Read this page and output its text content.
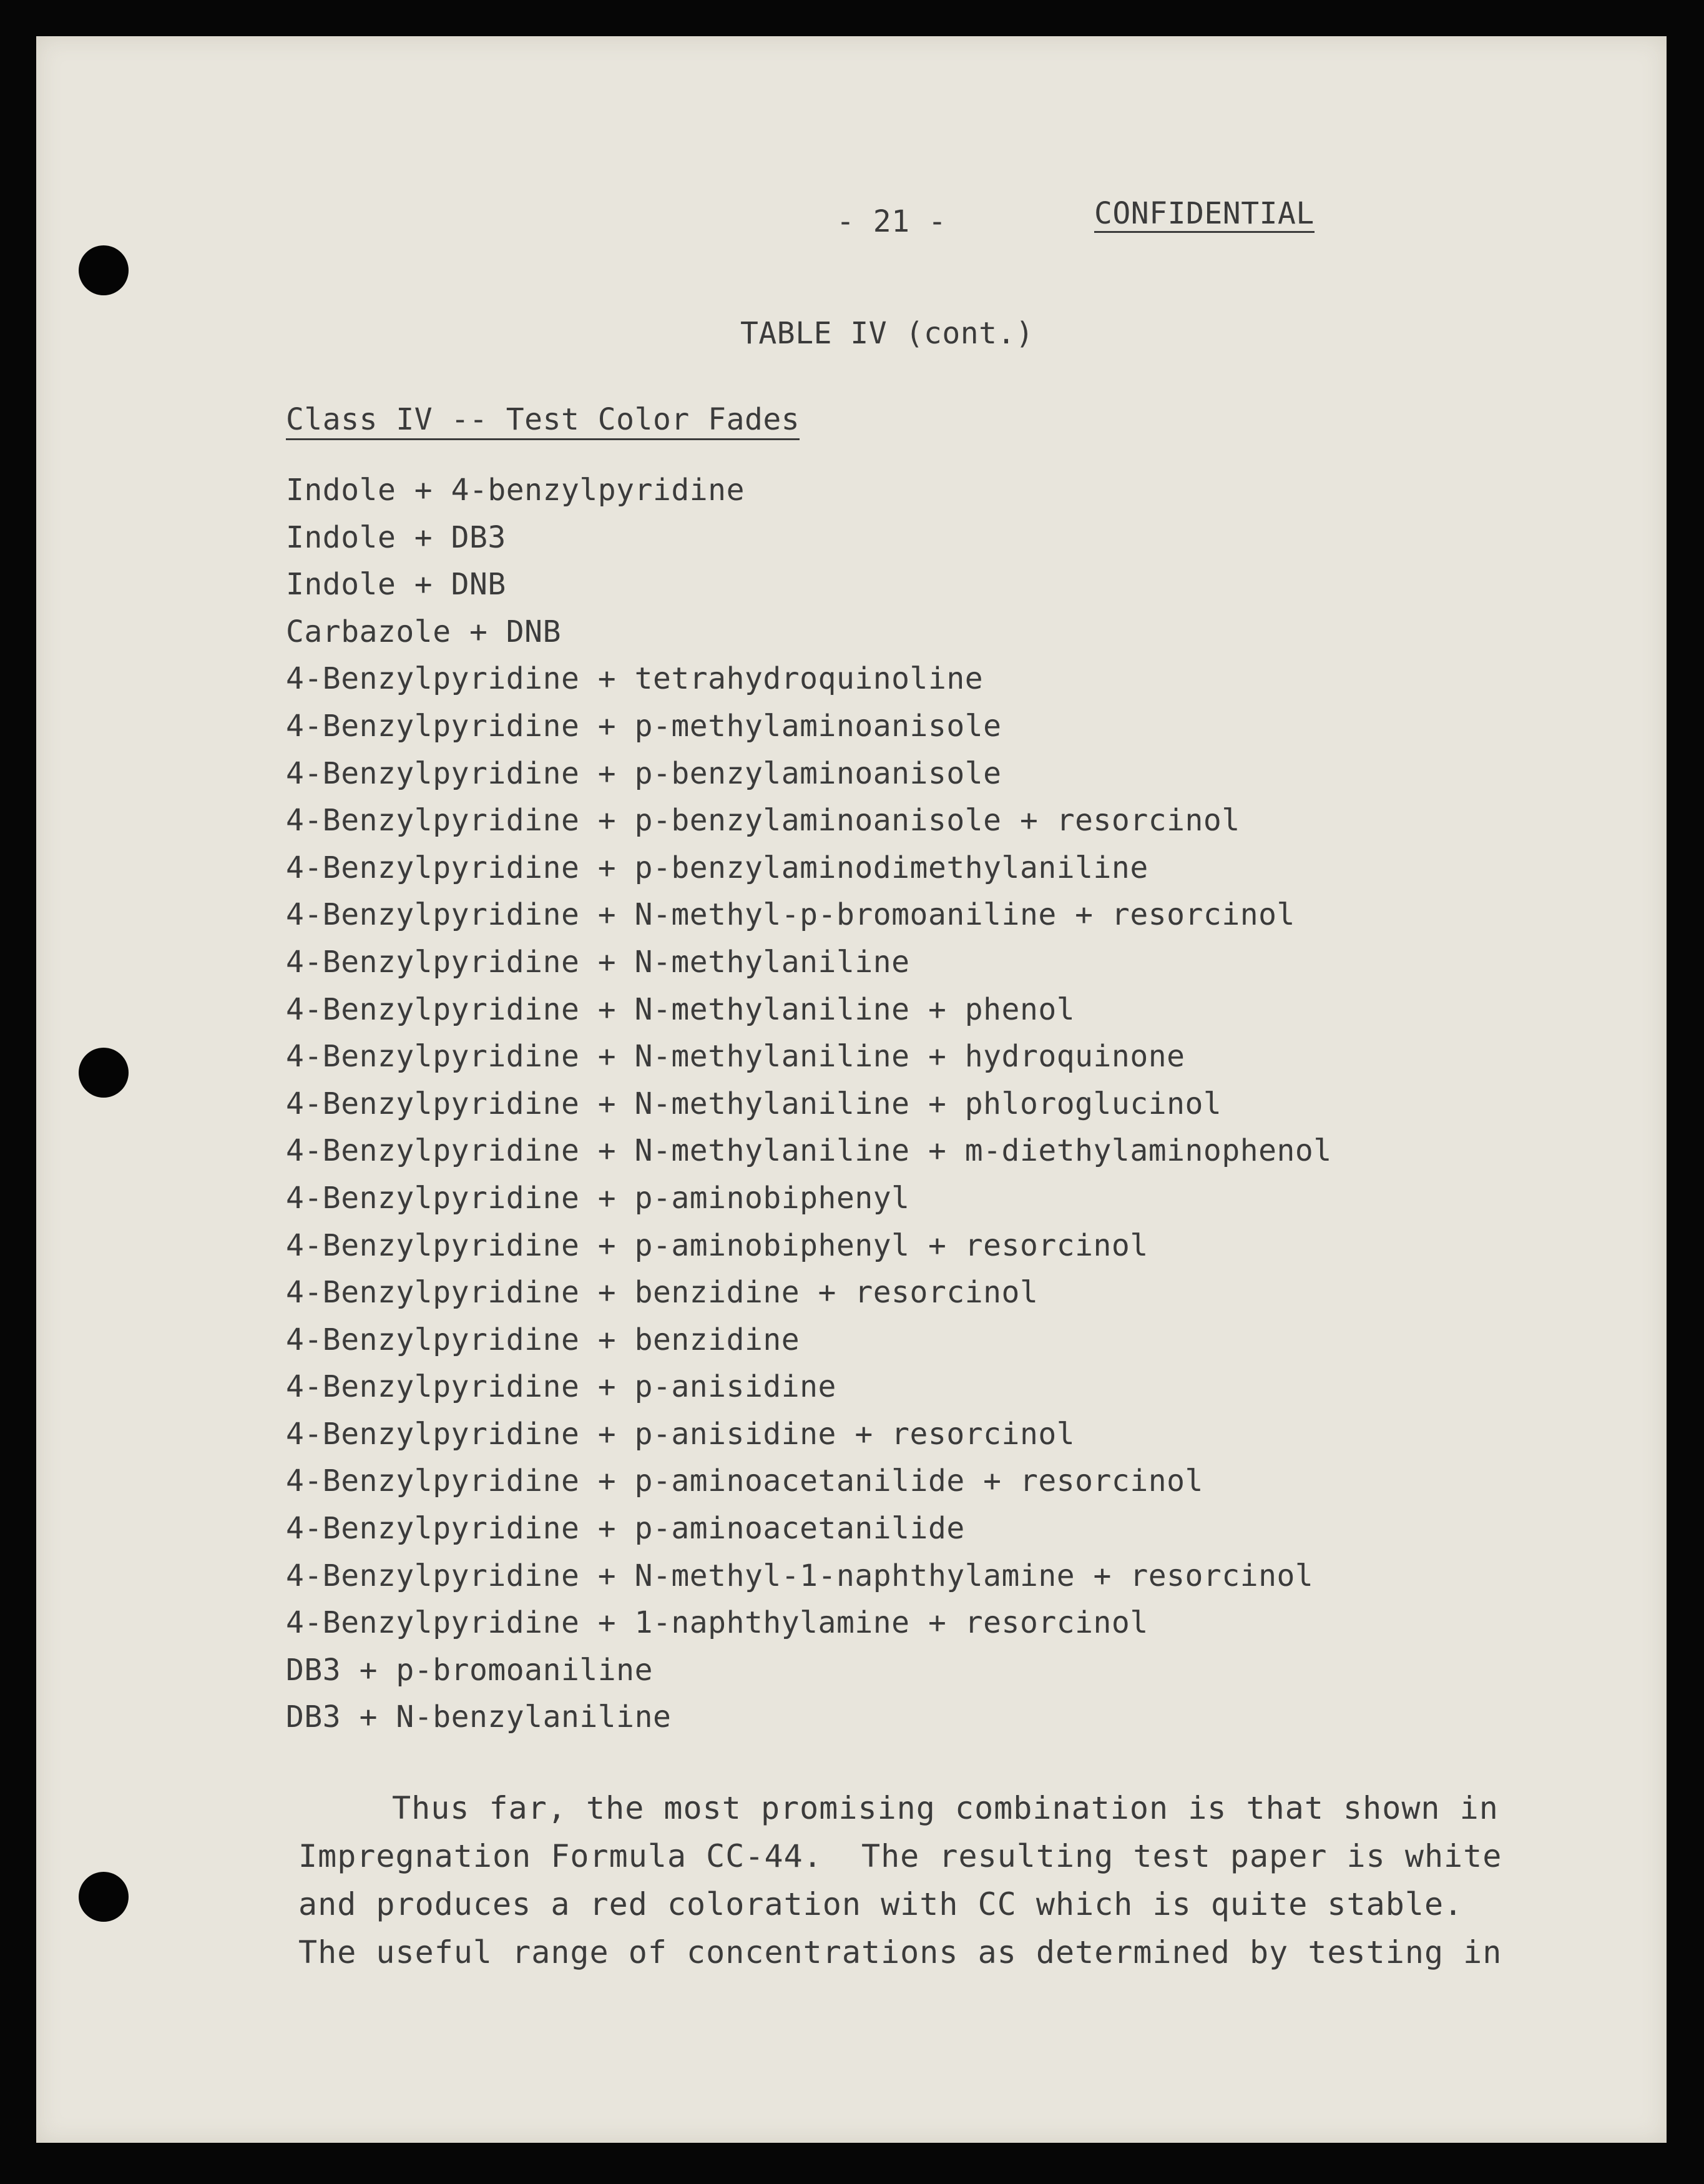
- 21 -	CONFIDENTIAL
TABLE IV (cont.)
Class IV -- Test Color Fades
Indole + 4-benzylpyridine
Indole + DB3
Indole + DNB
Carbazole + DNB
4-Benzylpyridine + tetrahydroquinoline
4-Benzylpyridine + p-methylaminoanisole
4-Benzylpyridine + p-benzylaminoanisole
4-Benzylpyridine + p-benzylaminoanisole + resorcinol
4-Benzylpyridine + p-benzylaminodimethylaniline
4-Benzylpyridine + N-methyl-p-bromoaniline + resorcinol
4-Benzylpyridine + N-methylaniline
4-Benzylpyridine + N-methylaniline + phenol
4-Benzylpyridine + N-methylaniline + hydroquinone
4-Benzylpyridine + N-methylaniline + phloroglucinol
4-Benzylpyridine + N-methylaniline + m-diethylaminophenol
4-Benzylpyridine + p-aminobiphenyl
4-Benzylpyridine + p-aminobiphenyl + resorcinol
4-Benzylpyridine + benzidine + resorcinol
4-Benzylpyridine + benzidine
4-Benzylpyridine + p-anisidine
4-Benzylpyridine + p-anisidine + resorcinol
4-Benzylpyridine + p-aminoacetanilide + resorcinol
4-Benzylpyridine + p-aminoacetanilide
4-Benzylpyridine + N-methyl-1-naphthylamine + resorcinol
4-Benzylpyridine + 1-naphthylamine + resorcinol
DB3 + p-bromoaniline
DB3 + N-benzylaniline
Thus far, the most promising combination is that shown in
Impregnation Formula CC-44.  The resulting test paper is white
and produces a red coloration with CC which is quite stable.
The useful range of concentrations as determined by testing in
